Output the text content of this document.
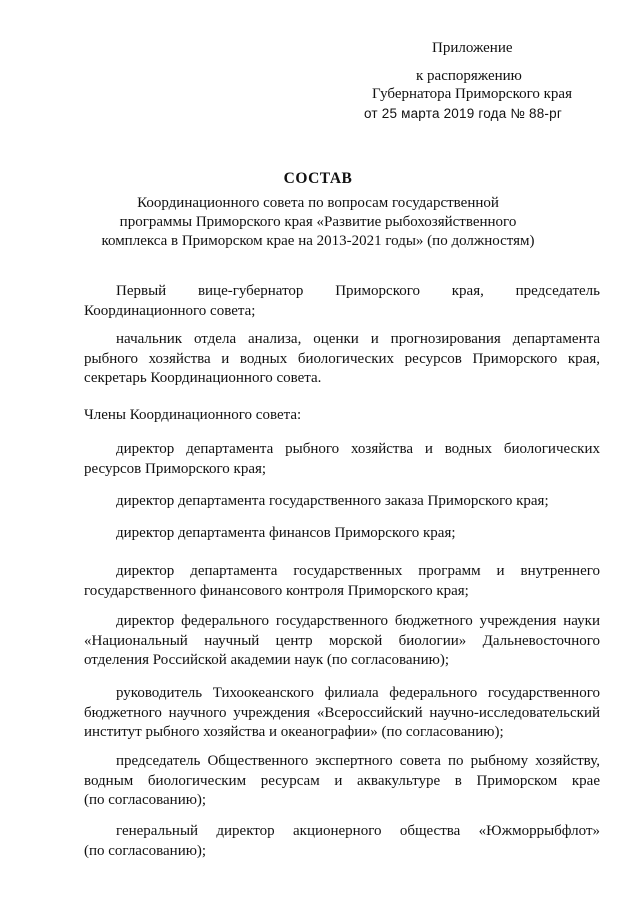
Приложение
к распоряжению
Губернатора Приморского края
от 25 марта 2019 года № 88-рг
СОСТАВ
Координационного совета по вопросам государственной
программы Приморского края «Развитие рыбохозяйственного
комплекса в Приморском крае на 2013-2021 годы» (по должностям)
Первый вице-губернатор Приморского края, председатель
Координационного совета;
начальник отдела анализа, оценки и прогнозирования департамента
рыбного хозяйства и водных биологических ресурсов Приморского края,
секретарь Координационного совета.
Члены Координационного совета:
директор департамента рыбного хозяйства и водных биологических
ресурсов Приморского края;
директор департамента государственного заказа Приморского края;
директор департамента финансов Приморского края;
директор департамента государственных программ и внутреннего
государственного финансового контроля Приморского края;
директор федерального государственного бюджетного учреждения науки
«Национальный научный центр морской биологии» Дальневосточного
отделения Российской академии наук (по согласованию);
руководитель Тихоокеанского филиала федерального государственного
бюджетного научного учреждения «Всероссийский научно-исследовательский
институт рыбного хозяйства и океанографии» (по согласованию);
председатель Общественного экспертного совета по рыбному хозяйству,
водным биологическим ресурсам и аквакультуре в Приморском крае
(по согласованию);
генеральный директор акционерного общества «Южморрыбфлот»
(по согласованию);
